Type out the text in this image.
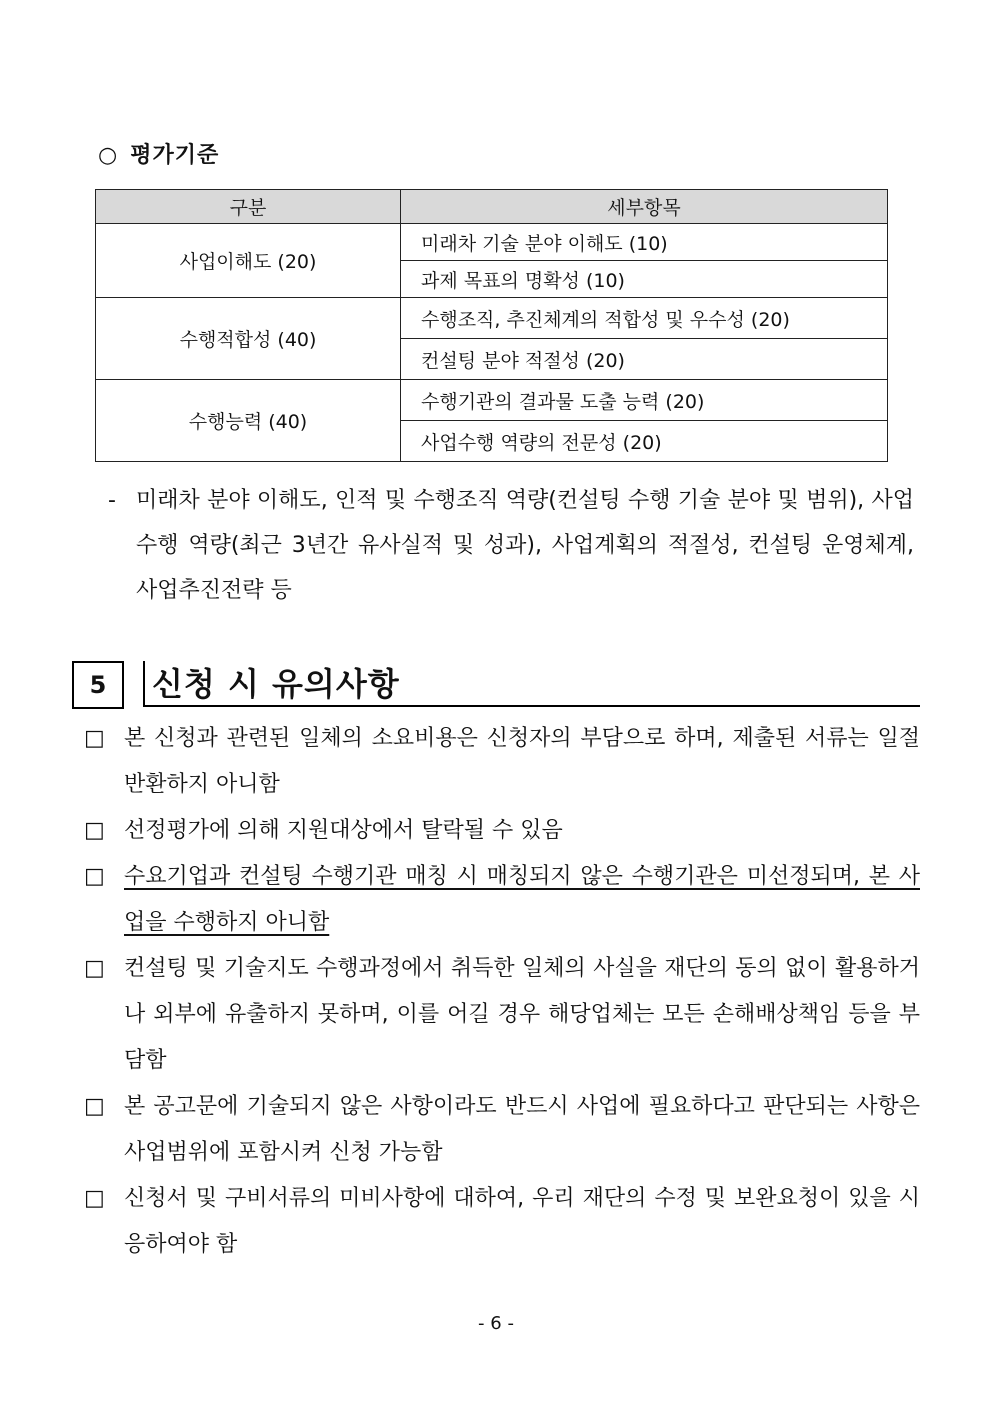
○ 평가기준
구분	세부항목
사업이해도 (20)	미래차 기술 분야 이해도 (10)
	과제 목표의 명확성 (10)
수행적합성 (40)	수행조직, 추진체계의 적합성 및 우수성 (20)
	컨설팅 분야 적절성 (20)
수행능력 (40)	수행기관의 결과물 도출 능력 (20)
	사업수행 역량의 전문성 (20)
- 미래차 분야 이해도, 인적 및 수행조직 역량(컨설팅 수행 기술 분야 및 범위), 사업수행 역량(최근 3년간 유사실적 및 성과), 사업계획의 적절성, 컨설팅 운영체계, 사업추진전략 등
5	신청 시 유의사항
□ 본 신청과 관련된 일체의 소요비용은 신청자의 부담으로 하며, 제출된 서류는 일절 반환하지 아니함
□ 선정평가에 의해 지원대상에서 탈락될 수 있음
□ 수요기업과 컨설팅 수행기관 매칭 시 매칭되지 않은 수행기관은 미선정되며, 본 사업을 수행하지 아니함
□ 컨설팅 및 기술지도 수행과정에서 취득한 일체의 사실을 재단의 동의 없이 활용하거나 외부에 유출하지 못하며, 이를 어길 경우 해당업체는 모든 손해배상책임 등을 부담함
□ 본 공고문에 기술되지 않은 사항이라도 반드시 사업에 필요하다고 판단되는 사항은 사업범위에 포함시켜 신청 가능함
□ 신청서 및 구비서류의 미비사항에 대하여, 우리 재단의 수정 및 보완요청이 있을 시 응하여야 함
- 6 -
